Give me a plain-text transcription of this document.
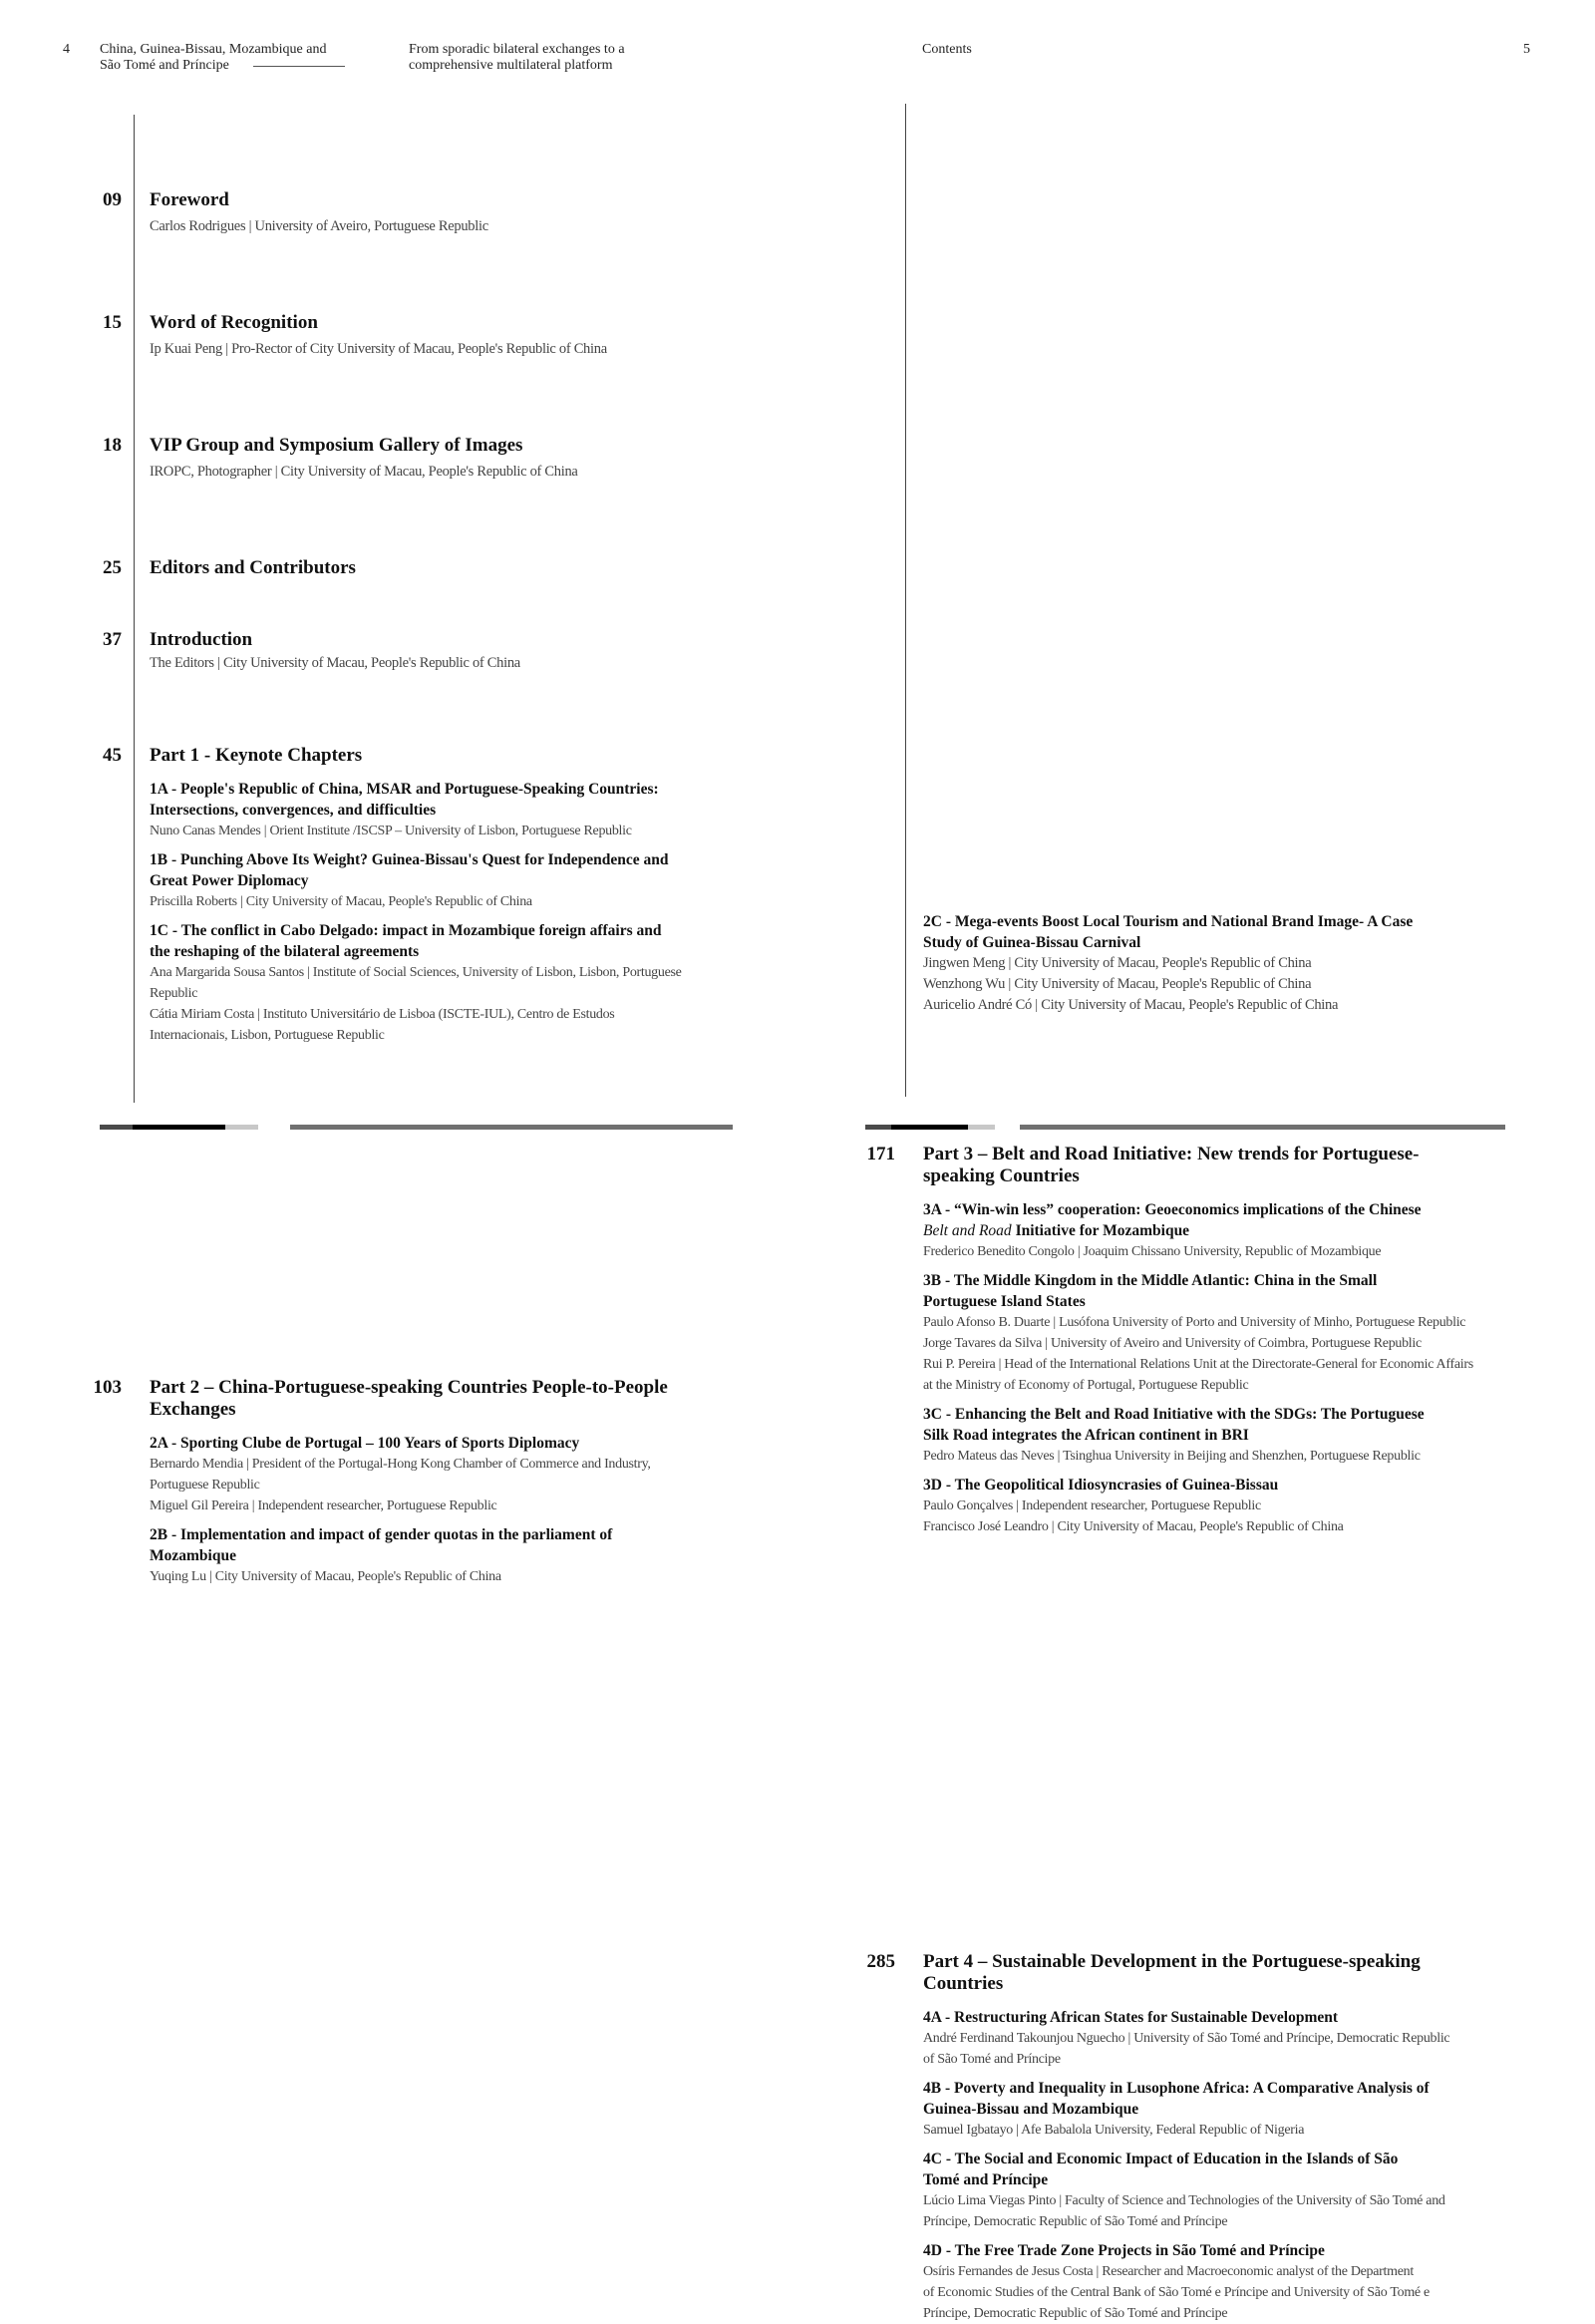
4 China, Guinea-Bissau, Mozambique and
São Tomé and Príncipe
From sporadic bilateral exchanges to a
comprehensive multilateral platform
Contents	5
09 Foreword
Carlos Rodrigues | University of Aveiro, Portuguese Republic
15 Word of Recognition
Ip Kuai Peng | Pro-Rector of City University of Macau, People's Republic of China
18 VIP Group and Symposium Gallery of Images
IROPC, Photographer | City University of Macau, People's Republic of China
25 Editors and Contributors
37 Introduction
The Editors | City University of Macau, People's Republic of China
45 Part 1 - Keynote Chapters
1A - People's Republic of China, MSAR and Portuguese-Speaking Countries:
Intersections, convergences, and difficulties
Nuno Canas Mendes | Orient Institute /ISCSP – University of Lisbon, Portuguese Republic
1B - Punching Above Its Weight? Guinea-Bissau's Quest for Independence and
Great Power Diplomacy
Priscilla Roberts | City University of Macau, People's Republic of China
1C - The conflict in Cabo Delgado: impact in Mozambique foreign affairs and
the reshaping of the bilateral agreements
Ana Margarida Sousa Santos | Institute of Social Sciences, University of Lisbon, Lisbon, Portuguese
Republic
Cátia Miriam Costa | Instituto Universitário de Lisboa (ISCTE-IUL), Centro de Estudos
Internacionais, Lisbon, Portuguese Republic
103 Part 2 – China-Portuguese-speaking Countries People-to-People
Exchanges
2A - Sporting Clube de Portugal – 100 Years of Sports Diplomacy
Bernardo Mendia | President of the Portugal-Hong Kong Chamber of Commerce and Industry,
Portuguese Republic
Miguel Gil Pereira | Independent researcher, Portuguese Republic
2B - Implementation and impact of gender quotas in the parliament of
Mozambique
Yuqing Lu | City University of Macau, People's Republic of China
2C - Mega-events Boost Local Tourism and National Brand Image- A Case
Study of Guinea-Bissau Carnival
Jingwen Meng | City University of Macau, People's Republic of China
Wenzhong Wu | City University of Macau, People's Republic of China
Auricelio André Có | City University of Macau, People's Republic of China
171 Part 3 – Belt and Road Initiative: New trends for Portuguese-
speaking Countries
3A - “Win-win less” cooperation: Geoeconomics implications of the Chinese
Belt and Road Initiative for Mozambique
Frederico Benedito Congolo | Joaquim Chissano University, Republic of Mozambique
3B - The Middle Kingdom in the Middle Atlantic: China in the Small
Portuguese Island States
Paulo Afonso B. Duarte | Lusófona University of Porto and University of Minho, Portuguese Republic
Jorge Tavares da Silva | University of Aveiro and University of Coimbra, Portuguese Republic
Rui P. Pereira | Head of the International Relations Unit at the Directorate-General for Economic Affairs
at the Ministry of Economy of Portugal, Portuguese Republic
3C - Enhancing the Belt and Road Initiative with the SDGs: The Portuguese
Silk Road integrates the African continent in BRI
Pedro Mateus das Neves | Tsinghua University in Beijing and Shenzhen, Portuguese Republic
3D - The Geopolitical Idiosyncrasies of Guinea-Bissau
Paulo Gonçalves | Independent researcher, Portuguese Republic
Francisco José Leandro | City University of Macau, People's Republic of China
285 Part 4 – Sustainable Development in the Portuguese-speaking
Countries
4A - Restructuring African States for Sustainable Development
André Ferdinand Takounjou Nguecho | University of São Tomé and Príncipe, Democratic Republic
of São Tomé and Príncipe
4B - Poverty and Inequality in Lusophone Africa: A Comparative Analysis of
Guinea-Bissau and Mozambique
Samuel Igbatayo | Afe Babalola University, Federal Republic of Nigeria
4C - The Social and Economic Impact of Education in the Islands of São
Tomé and Príncipe
Lúcio Lima Viegas Pinto | Faculty of Science and Technologies of the University of São Tomé and
Príncipe, Democratic Republic of São Tomé and Príncipe
4D - The Free Trade Zone Projects in São Tomé and Príncipe
Osíris Fernandes de Jesus Costa | Researcher and Macroeconomic analyst of the Department
of Economic Studies of the Central Bank of São Tomé e Príncipe and University of São Tomé e
Príncipe, Democratic Republic of São Tomé and Príncipe
